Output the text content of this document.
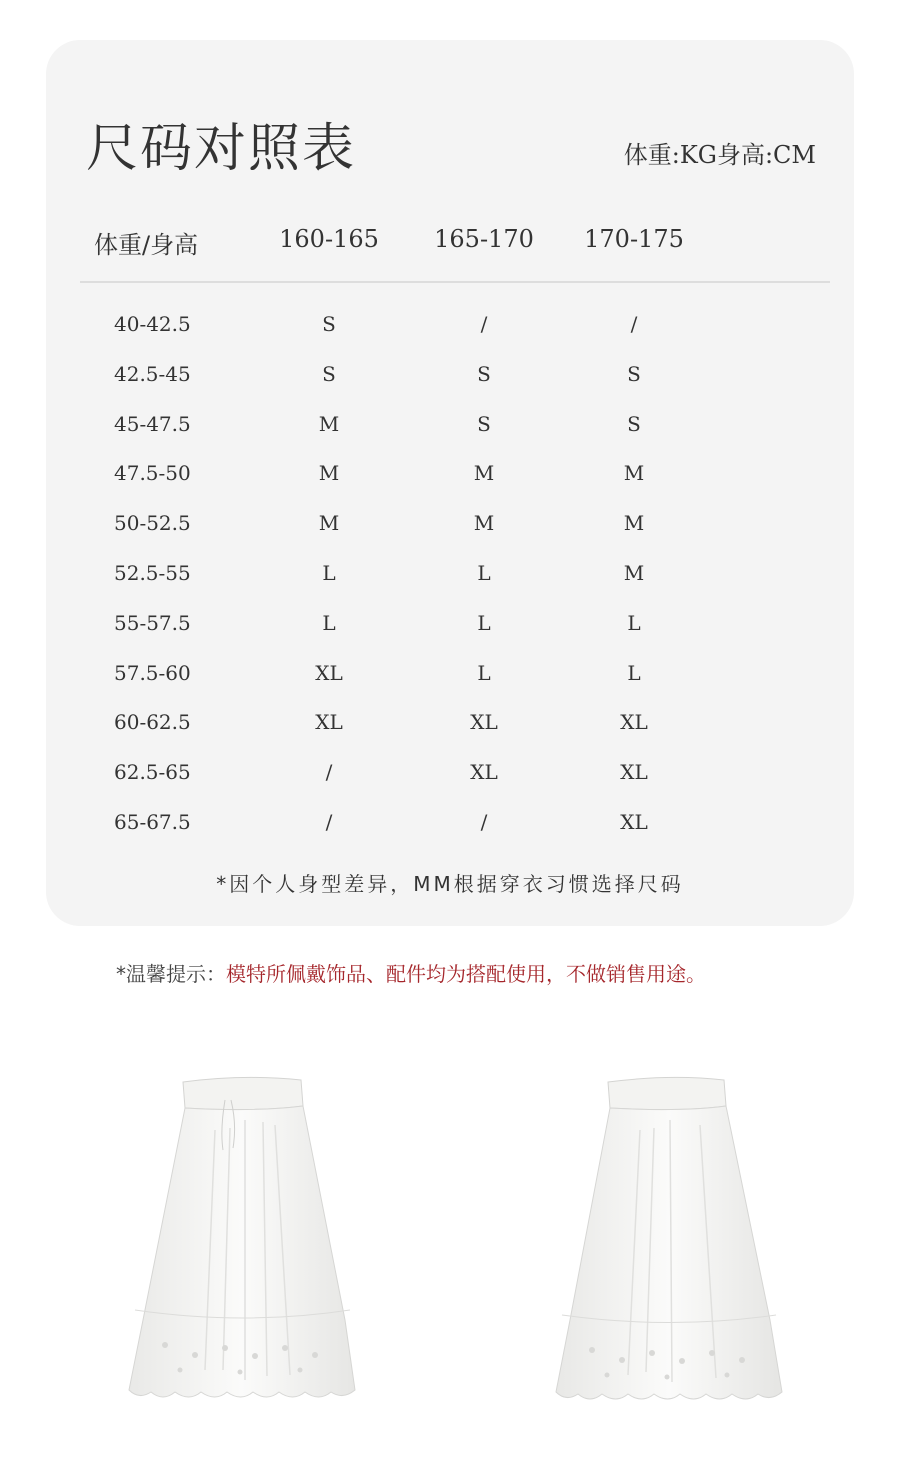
尺码对照表	体重:KG身高:CM
体重/身高	160-165 165-170 170-175
40-42.5	S	/	/
42.5-45	S	S	S
45-47.5	M	S	S
47.5-50	M	M	M
50-52.5	M	M	M
52.5-55	L	L	M
55-57.5	L	L	L
57.5-60	XL	L	L
60-62.5	XL	XL	XL
62.5-65	/	XL	XL
65-67.5	/	/	XL
*因个人身型差异，MM根据穿衣习惯选择尺码
*温馨提示：模特所佩戴饰品、配件均为搭配使用，不做销售用途。
